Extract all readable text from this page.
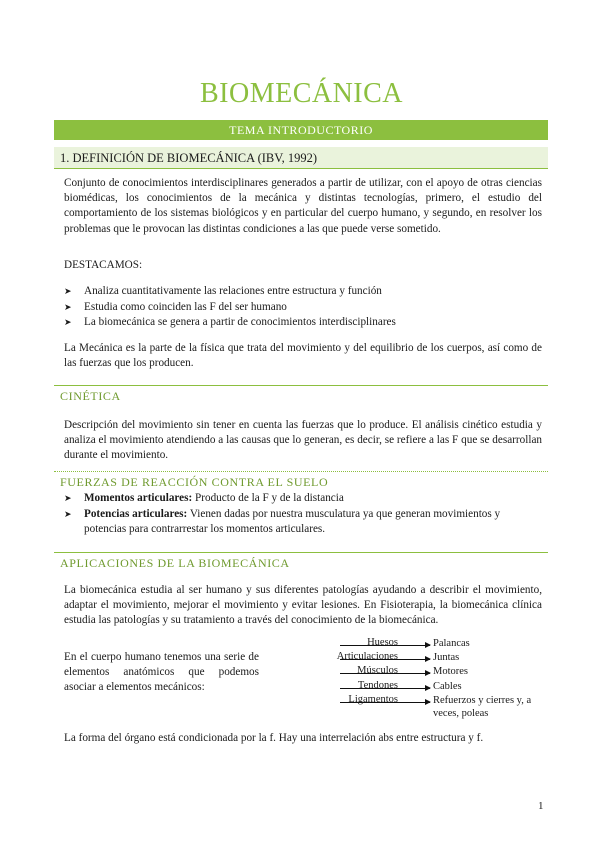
BIOMECÁNICA
TEMA INTRODUCTORIO
1. DEFINICIÓN DE BIOMECÁNICA (IBV, 1992)

Conjunto de conocimientos interdisciplinares generados a partir de utilizar, con el apoyo de otras ciencias biomédicas, los conocimientos de la mecánica y distintas tecnologías, primero, el estudio del comportamiento de los sistemas biológicos y en particular del cuerpo humano, y segundo, en resolver los problemas que le provocan las distintas condiciones a las que puede verse sometido.

DESTACAMOS:

➤ Analiza cuantitativamente las relaciones entre estructura y función
➤ Estudia como coinciden las F del ser humano
➤ La biomecánica se genera a partir de conocimientos interdisciplinares

La Mecánica es la parte de la física que trata del movimiento y del equilibrio de los cuerpos, así como de las fuerzas que los producen.

CINÉTICA

Descripción del movimiento sin tener en cuenta las fuerzas que lo produce. El análisis cinético estudia y analiza el movimiento atendiendo a las causas que lo generan, es decir, se refiere a las F que se desarrollan durante el movimiento.

FUERZAS DE REACCIÓN CONTRA EL SUELO
➤ Momentos articulares: Producto de la F y de la distancia
➤ Potencias articulares: Vienen dadas por nuestra musculatura ya que generan movimientos y potencias para contrarrestar los momentos articulares.
APLICACIONES DE LA BIOMECÁNICA

La biomecánica estudia al ser humano y sus diferentes patologías ayudando a describir el movimiento, adaptar el movimiento, mejorar el movimiento y evitar lesiones. En Fisioterapia, la biomecánica clínica estudia las patologías y su tratamiento a través del conocimiento de la biomecánica.

En el cuerpo humano tenemos una serie de elementos anatómicos que podemos asociar a elementos mecánicos:

Huesos	Palancas
Articulaciones	Juntas
Músculos	Motores
Tendones	Cables
Ligamentos	Refuerzos y cierres y, a veces, poleas

La forma del órgano está condicionada por la f. Hay una interrelación abs entre estructura y f.

1
